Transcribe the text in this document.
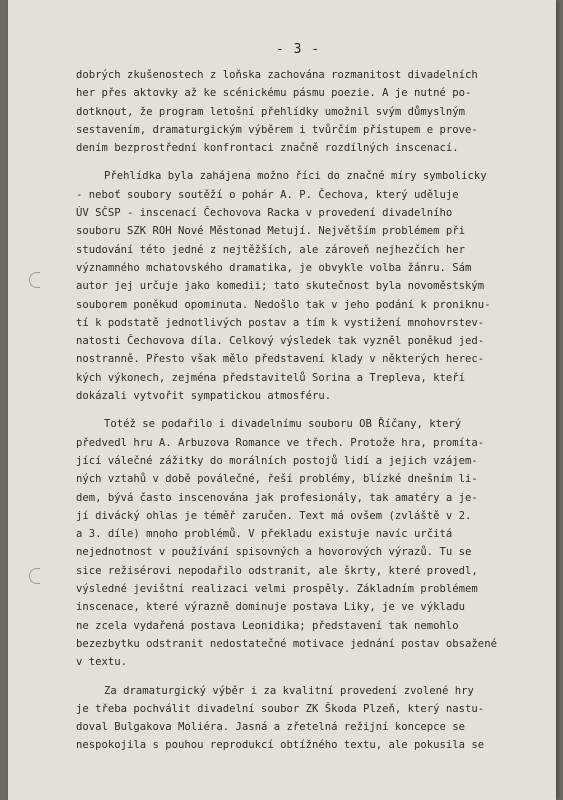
- 3 -
dobrých zkušenostech z loňska zachována rozmanitost divadelních
her přes aktovky až ke scénickému pásmu poezie. A je nutné po-
dotknout, že program letošní přehlídky umožnil svým důmyslným
sestavením, dramaturgickým výběrem i tvůrčím přístupem e prove-
dením bezprostřední konfrontaci značně rozdílných inscenací.
Přehlídka byla zahájena možno říci do značné míry symbolicky
- neboť soubory soutěží o pohár A. P. Čechova, který uděluje
ÚV SČSP - inscenací Čechovova Racka v provedení divadelního
souboru SZK ROH Nové Městonad Metují. Největším problémem při
studování této jedné z nejtěžších, ale zároveň nejhezčích her
významného mchatovského dramatika, je obvykle volba žánru. Sám
autor jej určuje jako komedii; tato skutečnost byla novoměstským
souborem poněkud opominuta. Nedošlo tak v jeho podání k proniknu-
tí k podstatě jednotlivých postav a tím k vystižení mnohovrstev-
natosti Čechovova díla. Celkový výsledek tak vyzněl poněkud jed-
nostranně. Přesto však mělo představení klady v některých herec-
kých výkonech, zejména představitelů Sorina a Trepleva, kteří
dokázali vytvořit sympatickou atmosféru.
Totéž se podařilo i divadelnímu souboru OB Říčany, který
předvedl hru A. Arbuzova Romance ve třech. Protože hra, promíta-
jící válečné zážitky do morálních postojů lidí a jejich vzájem-
ných vztahů v době poválečné, řeší problémy, blízké dnešním li-
dem, bývá často inscenována jak profesionály, tak amatéry a je-
jí divácký ohlas je téměř zaručen. Text má ovšem (zvláště v 2.
a 3. díle) mnoho problémů. V překladu existuje navíc určitá
nejednotnost v používání spisovných a hovorových výrazů. Tu se
sice režisérovi nepodařilo odstranit, ale škrty, které provedl,
výsledné jevištní realizaci velmi prospěly. Základním problémem
inscenace, které výrazně dominuje postava Liky, je ve výkladu
ne zcela vydařená postava Leonidika; představení tak nemohlo
bezezbytku odstranit nedostatečné motivace jednání postav obsažené
v textu.
Za dramaturgický výběr i za kvalitní provedení zvolené hry
je třeba pochválit divadelní soubor ZK Škoda Plzeň, který nastu-
doval Bulgakova Moliéra. Jasná a zřetelná režijní koncepce se
nespokojila s pouhou reprodukcí obtížného textu, ale pokusila se
